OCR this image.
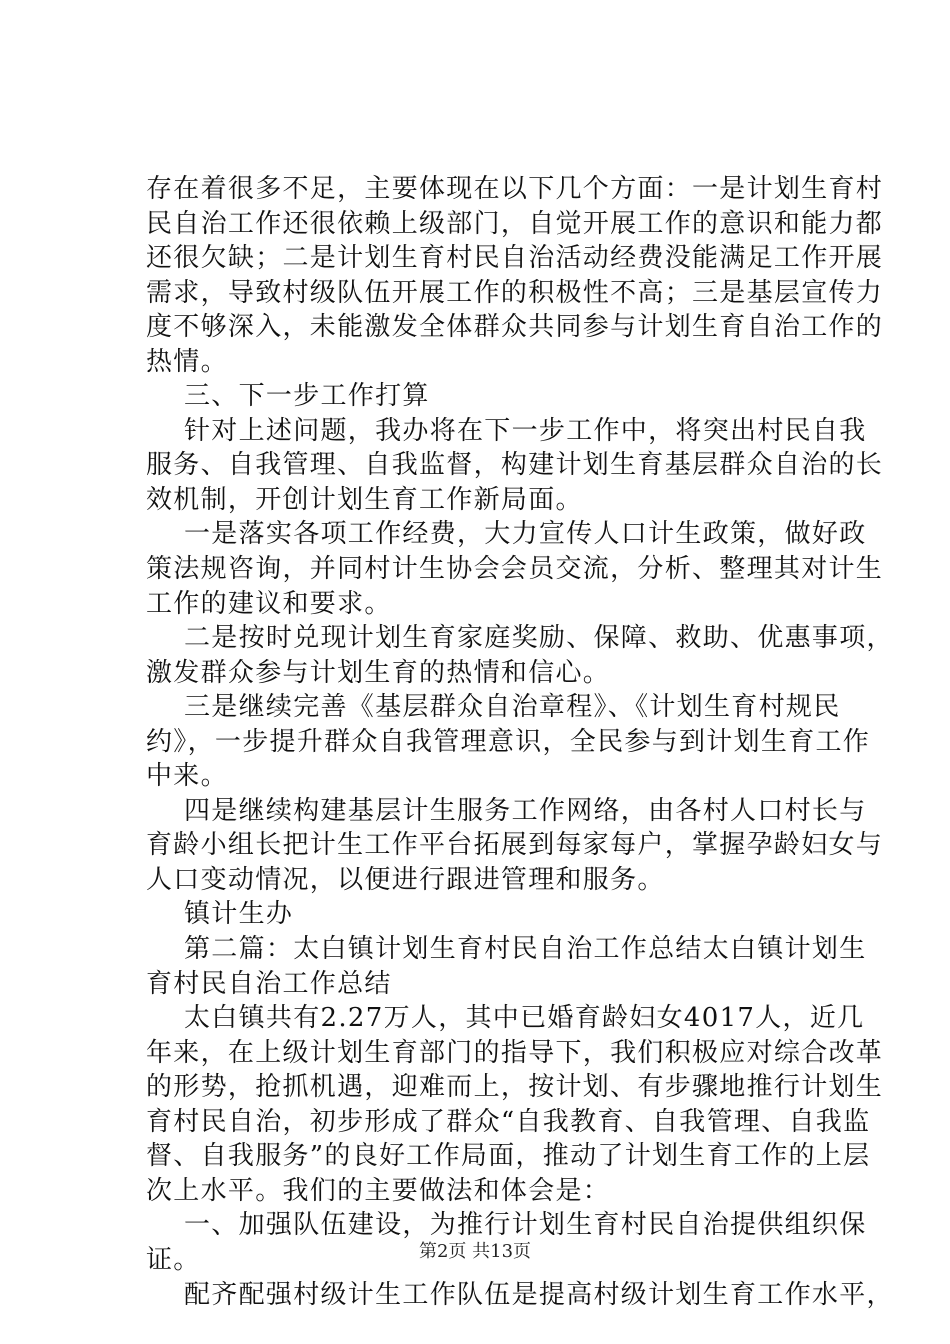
存在着很多不足，主要体现在以下几个方面：一是计划生育村
民自治工作还很依赖上级部门，自觉开展工作的意识和能力都
还很欠缺；二是计划生育村民自治活动经费没能满足工作开展
需求，导致村级队伍开展工作的积极性不高；三是基层宣传力
度不够深入，未能激发全体群众共同参与计划生育自治工作的
热情。
三、下一步工作打算
针对上述问题，我办将在下一步工作中，将突出村民自我
服务、自我管理、自我监督，构建计划生育基层群众自治的长
效机制，开创计划生育工作新局面。
一是落实各项工作经费，大力宣传人口计生政策，做好政
策法规咨询，并同村计生协会会员交流，分析、整理其对计生
工作的建议和要求。
二是按时兑现计划生育家庭奖励、保障、救助、优惠事项，
激发群众参与计划生育的热情和信心。
三是继续完善《基层群众自治章程》、《计划生育村规民
约》，一步提升群众自我管理意识，全民参与到计划生育工作
中来。
四是继续构建基层计生服务工作网络，由各村人口村长与
育龄小组长把计生工作平台拓展到每家每户，掌握孕龄妇女与
人口变动情况，以便进行跟进管理和服务。
镇计生办
第二篇：太白镇计划生育村民自治工作总结太白镇计划生
育村民自治工作总结
太白镇共有2.27万人，其中已婚育龄妇女4017人，近几
年来，在上级计划生育部门的指导下，我们积极应对综合改革
的形势，抢抓机遇，迎难而上，按计划、有步骤地推行计划生
育村民自治，初步形成了群众“自我教育、自我管理、自我监
督、自我服务”的良好工作局面，推动了计划生育工作的上层
次上水平。我们的主要做法和体会是：
一、加强队伍建设，为推行计划生育村民自治提供组织保
证。
配齐配强村级计生工作队伍是提高村级计划生育工作水平，
第2页 共13页
